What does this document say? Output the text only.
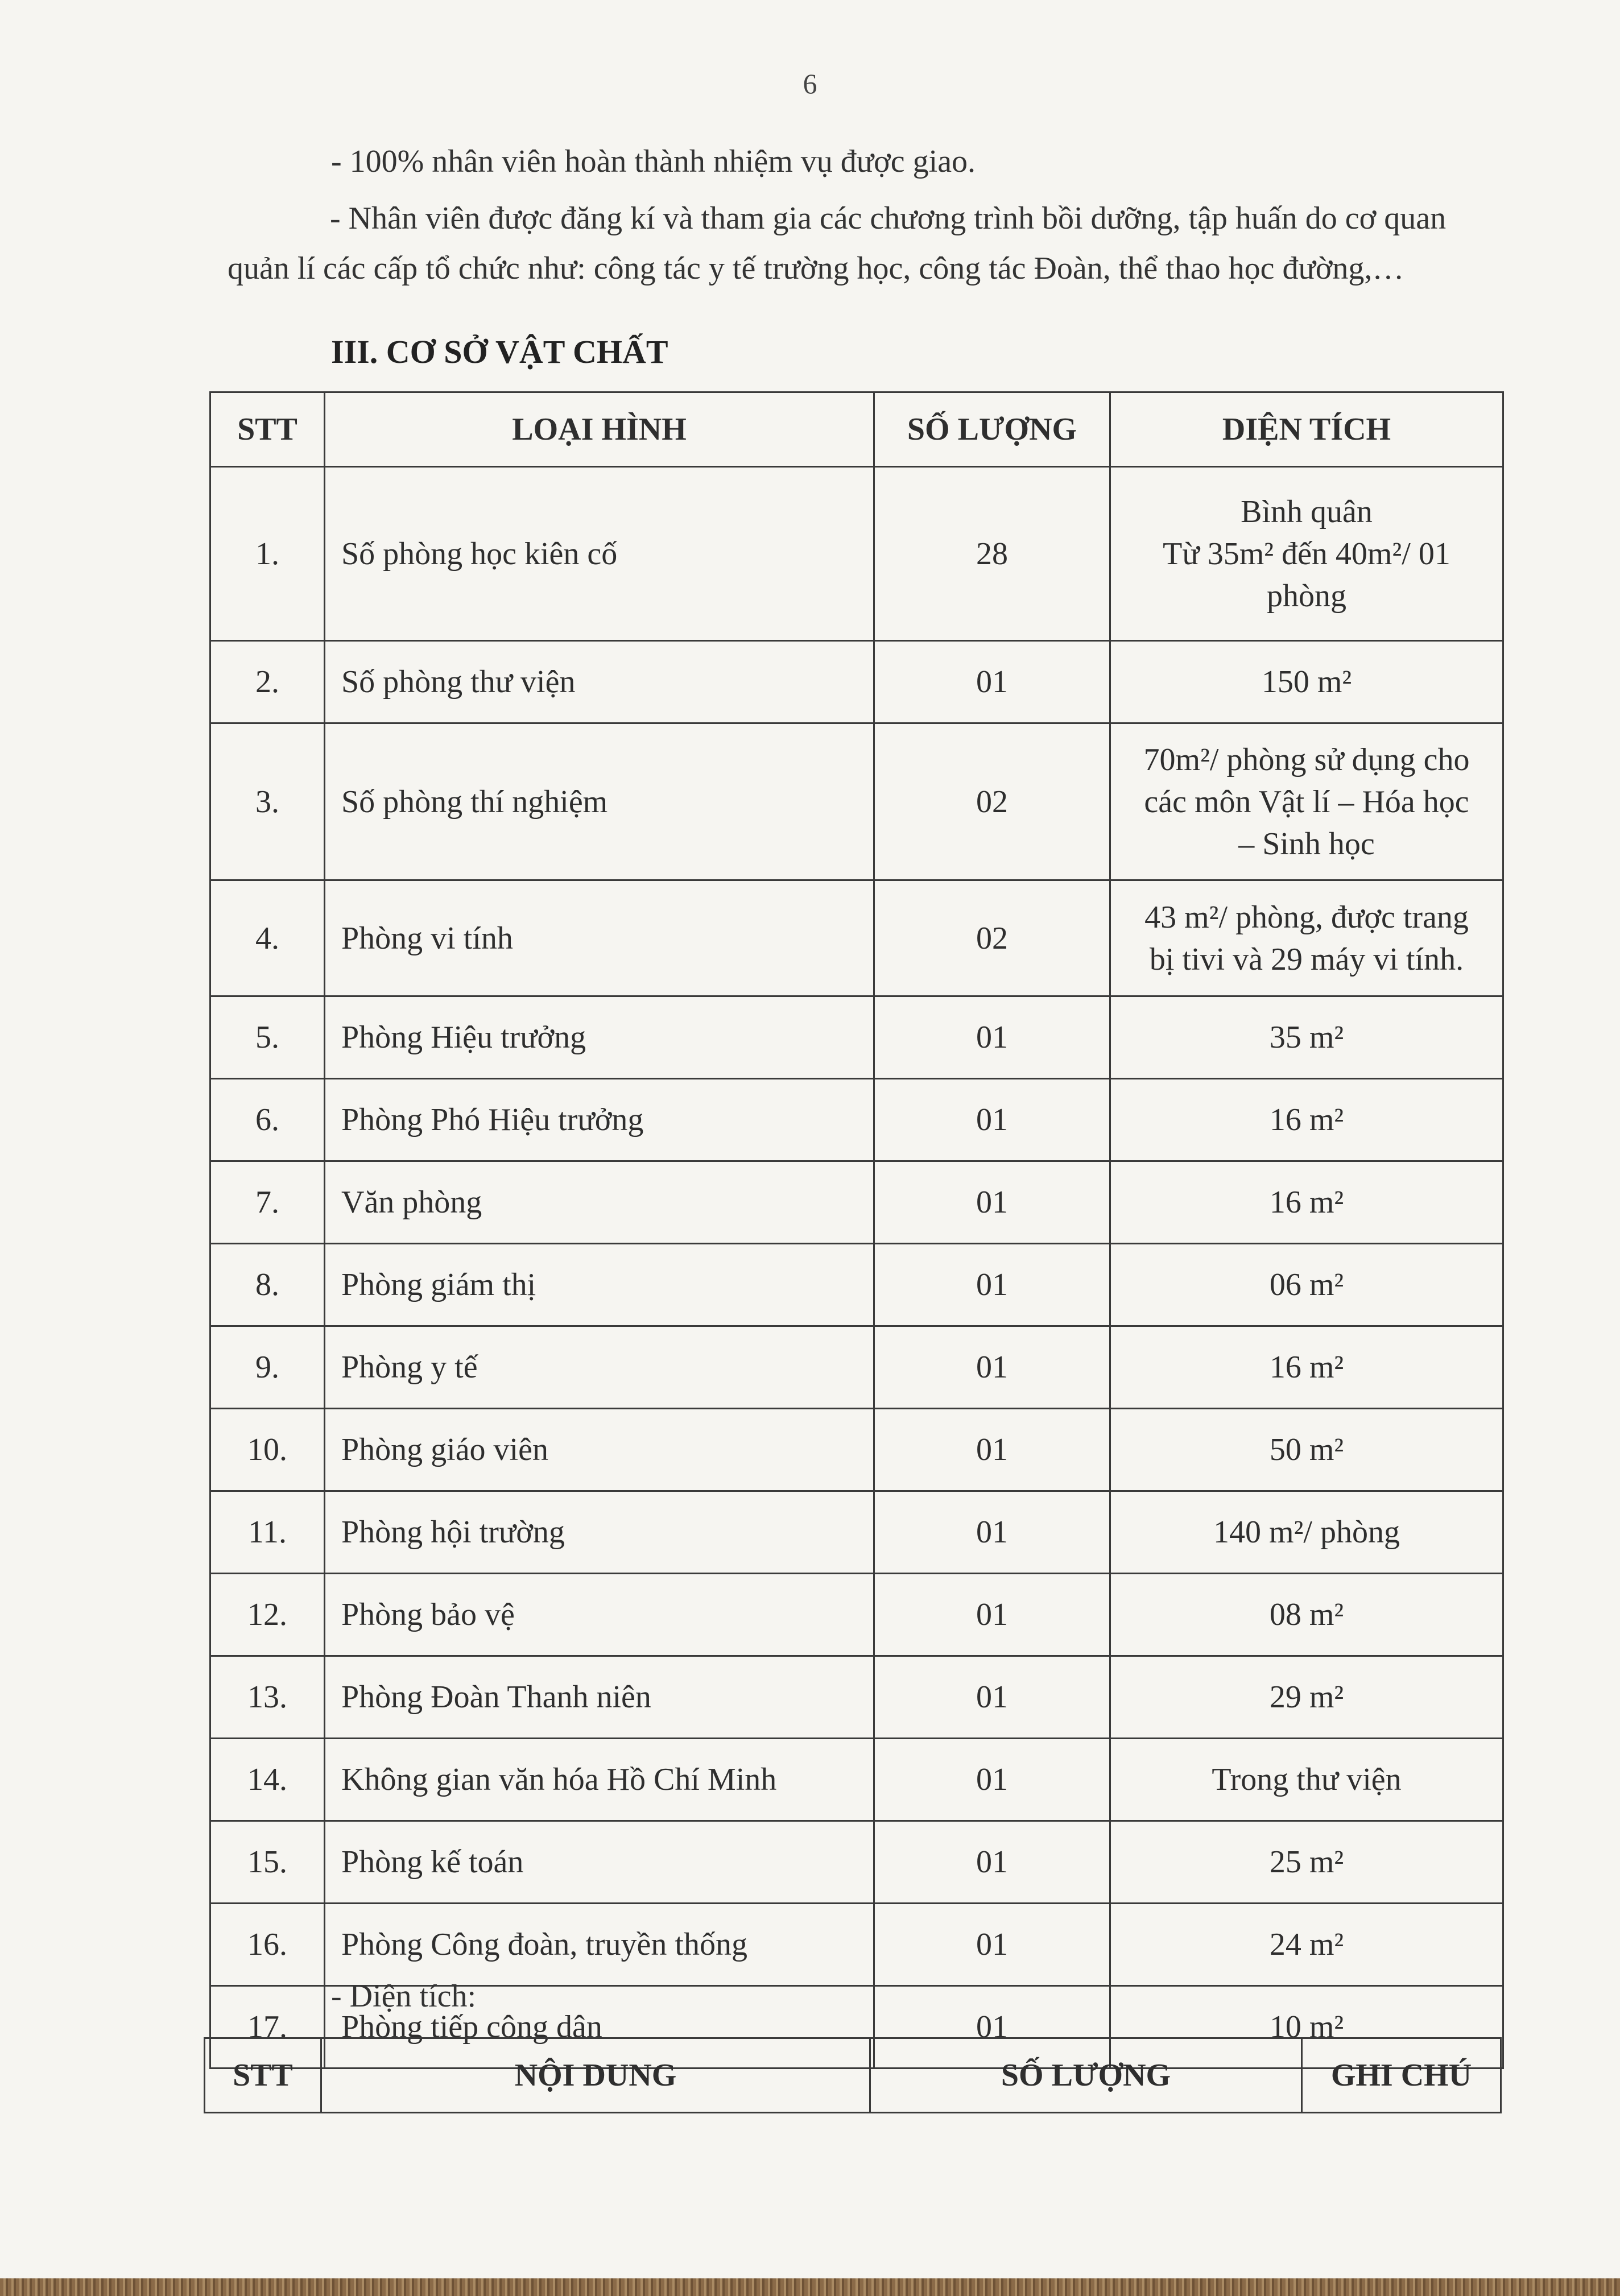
6
- 100% nhân viên hoàn thành nhiệm vụ được giao.
- Nhân viên được đăng kí và tham gia các chương trình bồi dưỡng, tập huấn do cơ quan quản lí các cấp tổ chức như: công tác y tế trường học, công tác Đoàn, thể thao học đường,…
III. CƠ SỞ VẬT CHẤT
STT	LOẠI HÌNH	SỐ LƯỢNG	DIỆN TÍCH
1.	Số phòng học kiên cố	28	Bình quân
Từ 35m² đến 40m²/ 01
phòng

2.	Số phòng thư viện	01	150 m²
3.	Số phòng thí nghiệm	02	70m²/ phòng sử dụng cho
các môn Vật lí – Hóa học
– Sinh học

4.	Phòng vi tính	02	43 m²/ phòng, được trang
bị tivi và 29 máy vi tính.

5.	Phòng Hiệu trưởng	01	35 m²
6.	Phòng Phó Hiệu trưởng	01	16 m²
7.	Văn phòng	01	16 m²
8.	Phòng giám thị	01	06 m²
9.	Phòng y tế	01	16 m²
10.	Phòng giáo viên	01	50 m²
11.	Phòng hội trường	01	140 m²/ phòng
12.	Phòng bảo vệ	01	08 m²
13.	Phòng Đoàn Thanh niên	01	29 m²
14.	Không gian văn hóa Hồ Chí Minh	01	Trong thư viện
15.	Phòng kế toán	01	25 m²
16.	Phòng Công đoàn, truyền thống	01	24 m²
17.	Phòng tiếp công dân	01	10 m²
- Diện tích:
STT	NỘI DUNG	SỐ LƯỢNG	GHI CHÚ
